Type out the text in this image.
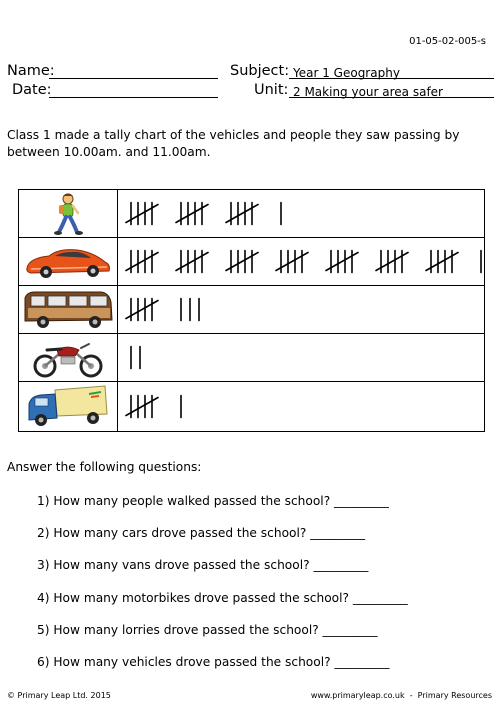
01-05-02-005-s
Name:
Date:
Subject: Year 1 Geography
Unit: 2 Making your area safer
Class 1 made a tally chart of the vehicles and people they saw passing by between 10.00am. and 11.00am.
Answer the following questions:
1) How many people walked passed the school? _________
2) How many cars drove passed the school? _________
3) How many vans drove passed the school? _________
4) How many motorbikes drove passed the school? _________
5) How many lorries drove passed the school? _________
6) How many vehicles drove passed the school? _________
© Primary Leap Ltd. 2015	www.primaryleap.co.uk  -  Primary Resources
